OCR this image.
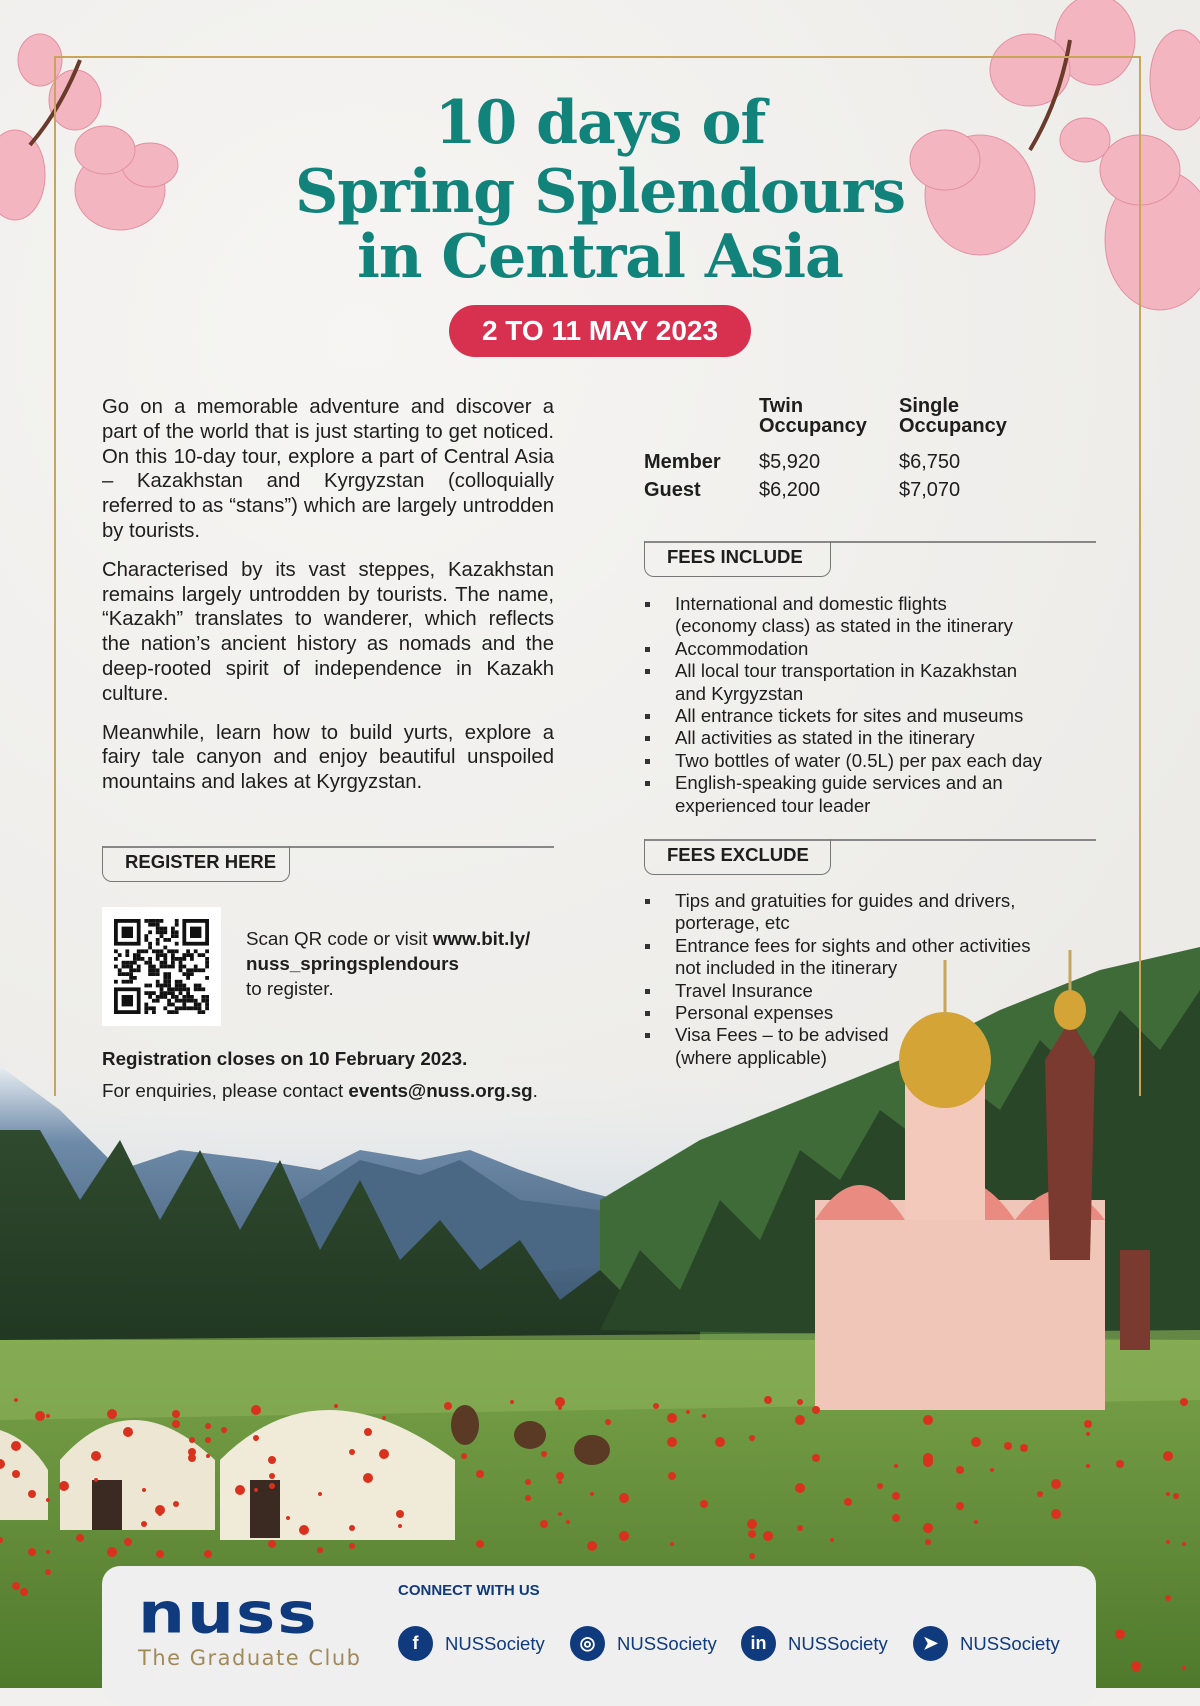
10 days of
Spring Splendours
in Central Asia
2 TO 11 MAY 2023

Go on a memorable adventure and discover a part of the world that is just starting to get noticed. On this 10-day tour, explore a part of Central Asia – Kazakhstan and Kyrgyzstan (colloquially referred to as “stans”) which are largely untrodden by tourists.

Characterised by its vast steppes, Kazakhstan remains largely untrodden by tourists. The name, “Kazakh” translates to wanderer, which reflects the nation’s ancient history as nomads and the deep-rooted spirit of independence in Kazakh culture.

Meanwhile, learn how to build yurts, explore a fairy tale canyon and enjoy beautiful unspoiled mountains and lakes at Kyrgyzstan.

Twin
Occupancy
Single
Occupancy
Member $5,920	$6,750
Guest	$6,200	$7,070
FEES INCLUDE
International and domestic flights
(economy class) as stated in the itinerary
Accommodation
All local tour transportation in Kazakhstan
and Kyrgyzstan
All entrance tickets for sites and museums
All activities as stated in the itinerary
Two bottles of water (0.5L) per pax each day
English-speaking guide services and an
experienced tour leader
FEES EXCLUDE
Tips and gratuities for guides and drivers,
porterage, etc
Entrance fees for sights and other activities
not included in the itinerary
Travel Insurance
Personal expenses
Visa Fees – to be advised
(where applicable)
REGISTER HERE
Scan QR code or visit www.bit.ly/
nuss_springsplendours
to register.
Registration closes on 10 February 2023.
For enquiries, please contact events@nuss.org.sg.
nuss
The Graduate Club
CONNECT WITH US
f	NUSSociety	◎	NUSSociety	in	NUSSociety	➤	NUSSociety
